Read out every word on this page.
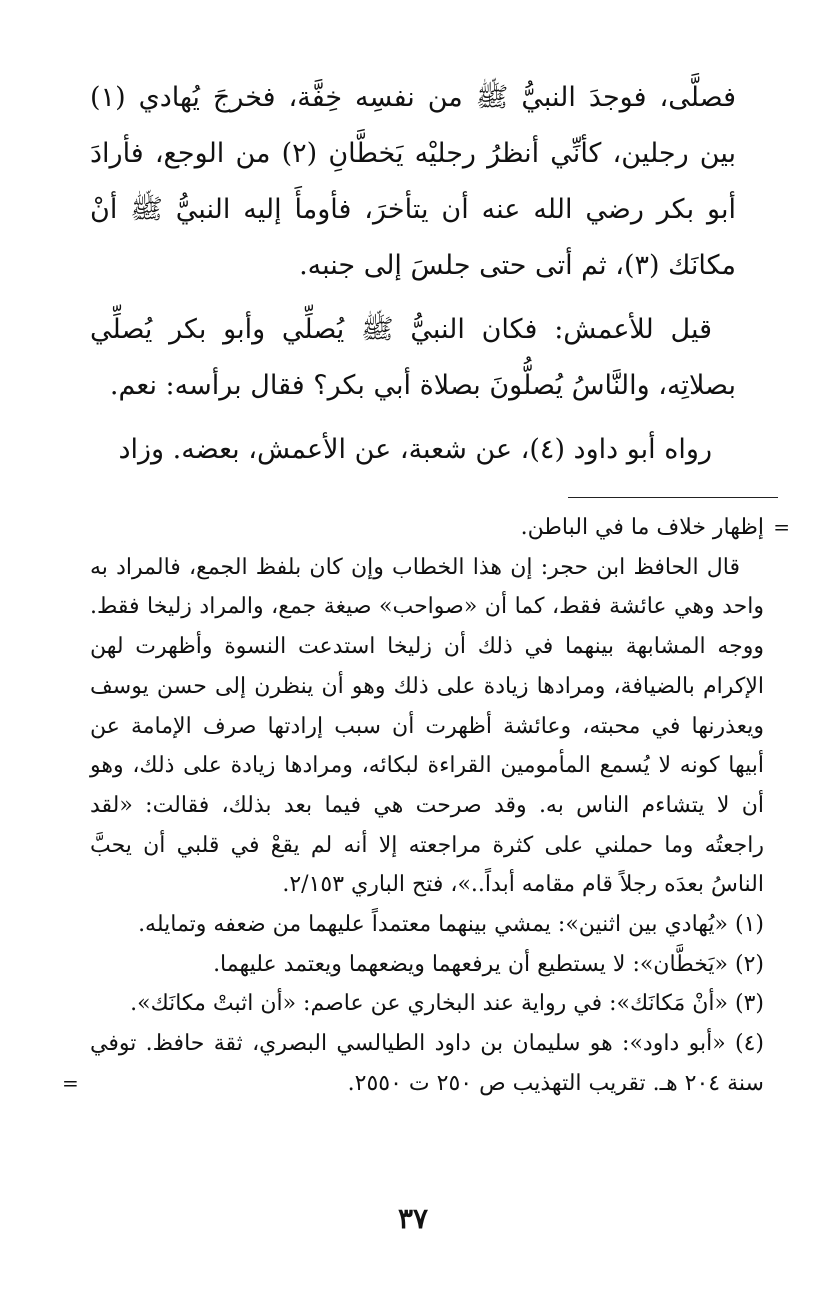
فصلَّى، فوجدَ النبيُّ ﷺ من نفسِه خِفَّة، فخرجَ يُهادي (١) بين رجلين، كأنِّي أنظرُ رجليْه يَخطَّانِ (٢) من الوجع، فأرادَ أبو بكر رضي الله عنه أن يتأخرَ، فأومأَ إليه النبيُّ ﷺ أنْ مكانَك (٣)، ثم أتى حتى جلسَ إلى جنبه.

قيل للأعمش: فكان النبيُّ ﷺ يُصلِّي وأبو بكر يُصلِّي بصلاتِه، والنَّاسُ يُصلُّونَ بصلاة أبي بكر؟ فقال برأسه: نعم.

رواه أبو داود (٤)، عن شعبة، عن الأعمش، بعضه. وزاد

=
إظهار خلاف ما في الباطن.

قال الحافظ ابن حجر: إن هذا الخطاب وإن كان بلفظ الجمع، فالمراد به واحد وهي عائشة فقط، كما أن «صواحب» صيغة جمع، والمراد زليخا فقط. ووجه المشابهة بينهما في ذلك أن زليخا استدعت النسوة وأظهرت لهن الإكرام بالضيافة، ومرادها زيادة على ذلك وهو أن ينظرن إلى حسن يوسف ويعذرنها في محبته، وعائشة أظهرت أن سبب إرادتها صرف الإمامة عن أبيها كونه لا يُسمع المأمومين القراءة لبكائه، ومرادها زيادة على ذلك، وهو أن لا يتشاءم الناس به. وقد صرحت هي فيما بعد بذلك، فقالت: «لقد راجعتُه وما حملني على كثرة مراجعته إلا أنه لم يقعْ في قلبي أن يحبَّ الناسُ بعدَه رجلاً قام مقامه أبداً..»، فتح الباري ٢/١٥٣.

(١) «يُهادي بين اثنين»: يمشي بينهما معتمداً عليهما من ضعفه وتمايله.

(٢) «يَخطَّان»: لا يستطيع أن يرفعهما ويضعهما ويعتمد عليهما.

(٣) «أنْ مَكانَك»: في رواية عند البخاري عن عاصم: «أن اثبتْ مكانَك».

(٤) «أبو داود»: هو سليمان بن داود الطيالسي البصري، ثقة حافظ. توفي سنة ٢٠٤ هـ. تقريب التهذيب ص ٢٥٠ ت ٢٥٥٠.
=

٣٧
